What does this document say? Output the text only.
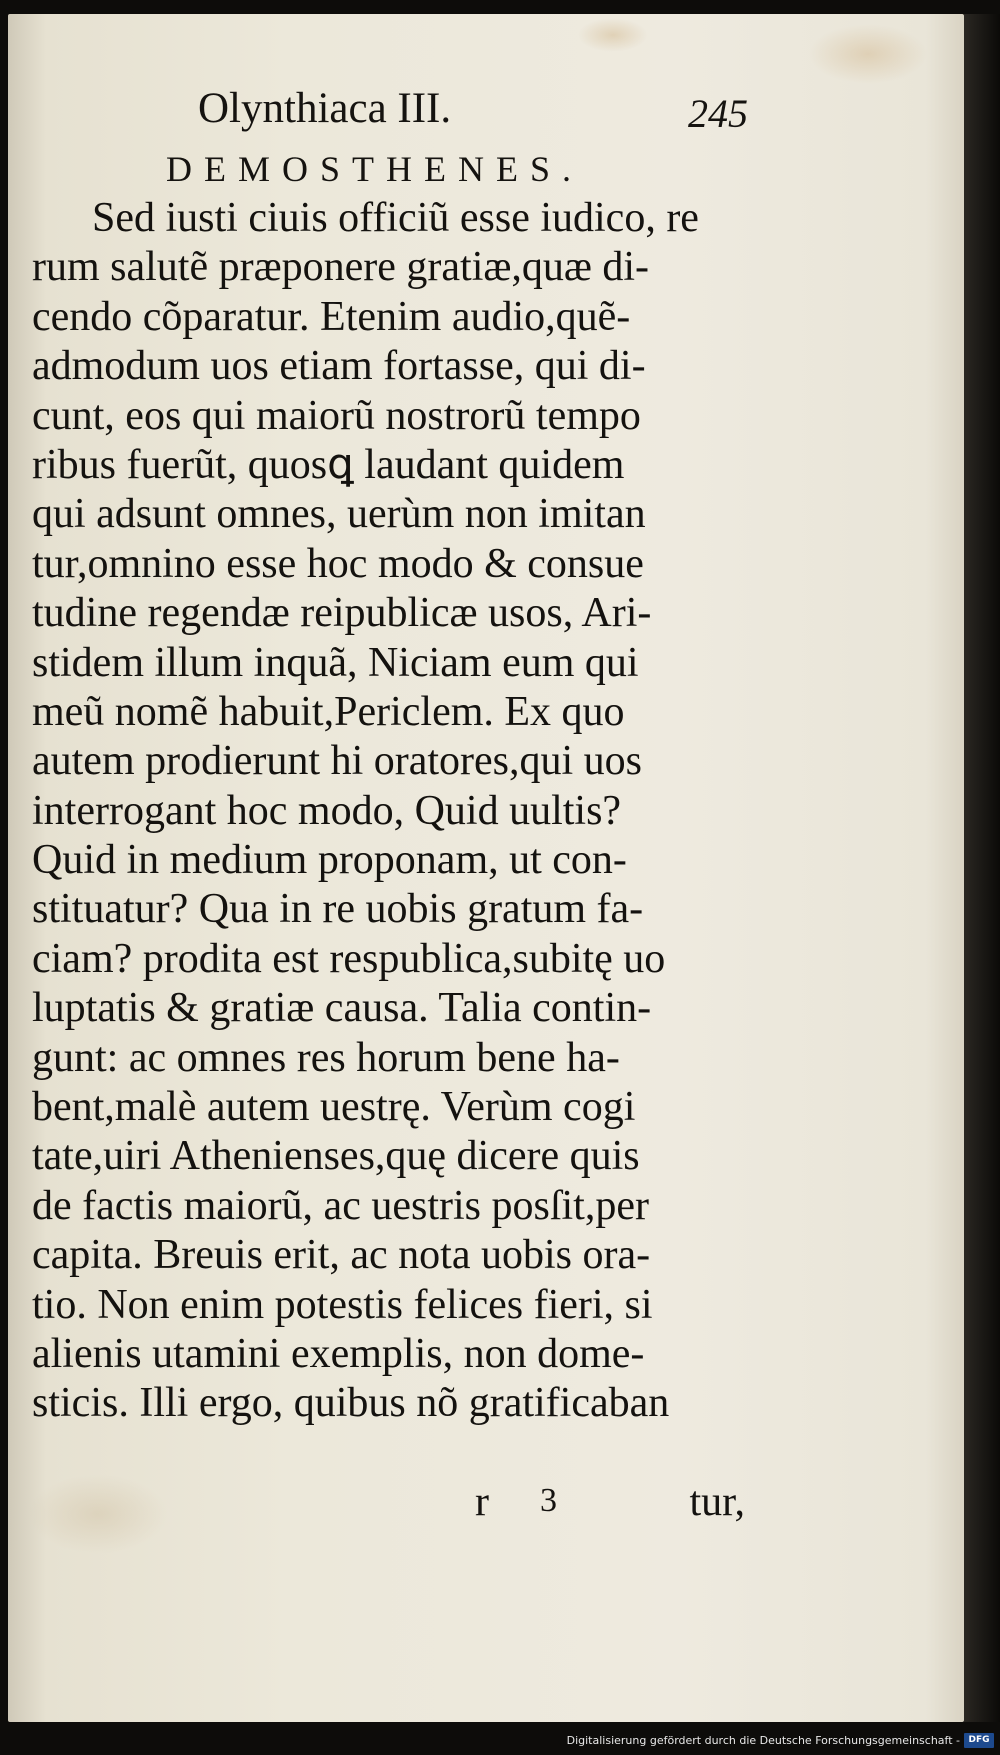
Olynthiaca III.	245
DEMOSTHENES.
Sed iusti ciuis officiũ esse iudico, re
rum salutẽ præponere gratiæ,quæ di-
cendo cõparatur. Etenim audio,quẽ-
admodum uos etiam fortasse, qui di-
cunt, eos qui maiorũ nostrorũ tempo
ribus fuerũt, quosꝗ laudant quidem
qui adsunt omnes, uerùm non imitan
tur,omnino esse hoc modo & consue
tudine regendæ reipublicæ usos, Ari-
stidem illum inquã, Niciam eum qui
meũ nomẽ habuit,Periclem. Ex quo
autem prodierunt hi oratores,qui uos
interrogant hoc modo, Quid uultis?
Quid in medium proponam, ut con-
stituatur? Qua in re uobis gratum fa-
ciam? prodita est respublica,subitę uo
luptatis & gratiæ causa. Talia contin-
gunt: ac omnes res horum bene ha-
bent,malè autem uestrę. Verùm cogi
tate,uiri Athenienses,quę dicere quis
de factis maiorũ, ac uestris posſit,per
capita. Breuis erit, ac nota uobis ora-
tio. Non enim potestis felices fieri, si
alienis utamini exemplis, non dome-
sticis. Illi ergo, quibus nõ gratificaban
r 3	tur,
Digitalisierung gefördert durch die Deutsche Forschungsgemeinschaft - DFG
